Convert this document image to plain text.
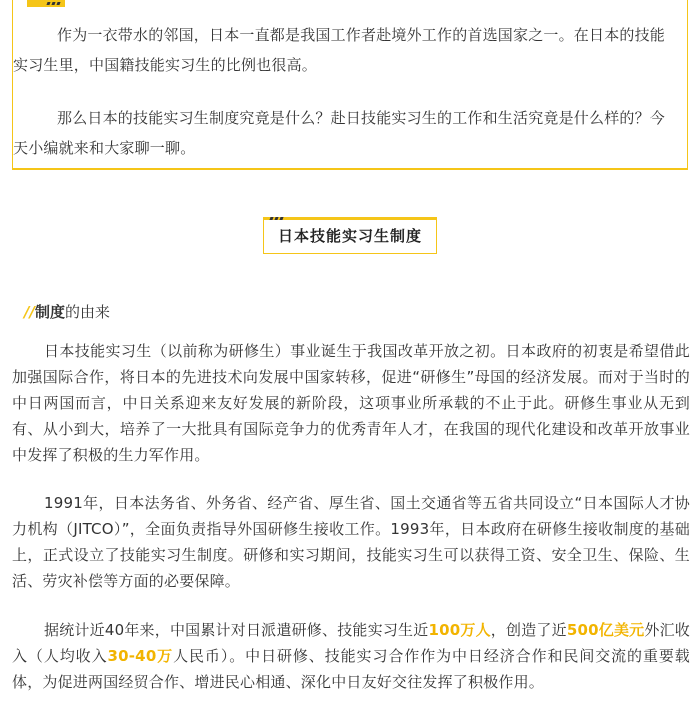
作为一衣带水的邻国，日本一直都是我国工作者赴境外工作的首选国家之一。在日本的技能实习生里，中国籍技能实习生的比例也很高。

那么日本的技能实习生制度究竟是什么？赴日技能实习生的工作和生活究竟是什么样的？今天小编就来和大家聊一聊。

日本技能实习生制度
//制度的由来

日本技能实习生（以前称为研修生）事业诞生于我国改革开放之初。日本政府的初衷是希望借此加强国际合作，将日本的先进技术向发展中国家转移，促进“研修生”母国的经济发展。而对于当时的中日两国而言，中日关系迎来友好发展的新阶段，这项事业所承载的不止于此。研修生事业从无到有、从小到大，培养了一大批具有国际竞争力的优秀青年人才，在我国的现代化建设和改革开放事业中发挥了积极的生力军作用。

1991年，日本法务省、外务省、经产省、厚生省、国土交通省等五省共同设立“日本国际人才协力机构（JITCO）”，全面负责指导外国研修生接收工作。1993年，日本政府在研修生接收制度的基础上，正式设立了技能实习生制度。研修和实习期间，技能实习生可以获得工资、安全卫生、保险、生活、劳灾补偿等方面的必要保障。

据统计近40年来，中国累计对日派遣研修、技能实习生近100万人，创造了近500亿美元外汇收入（人均收入30-40万人民币）。中日研修、技能实习合作作为中日经济合作和民间交流的重要载体，为促进两国经贸合作、增进民心相通、深化中日友好交往发挥了积极作用。
